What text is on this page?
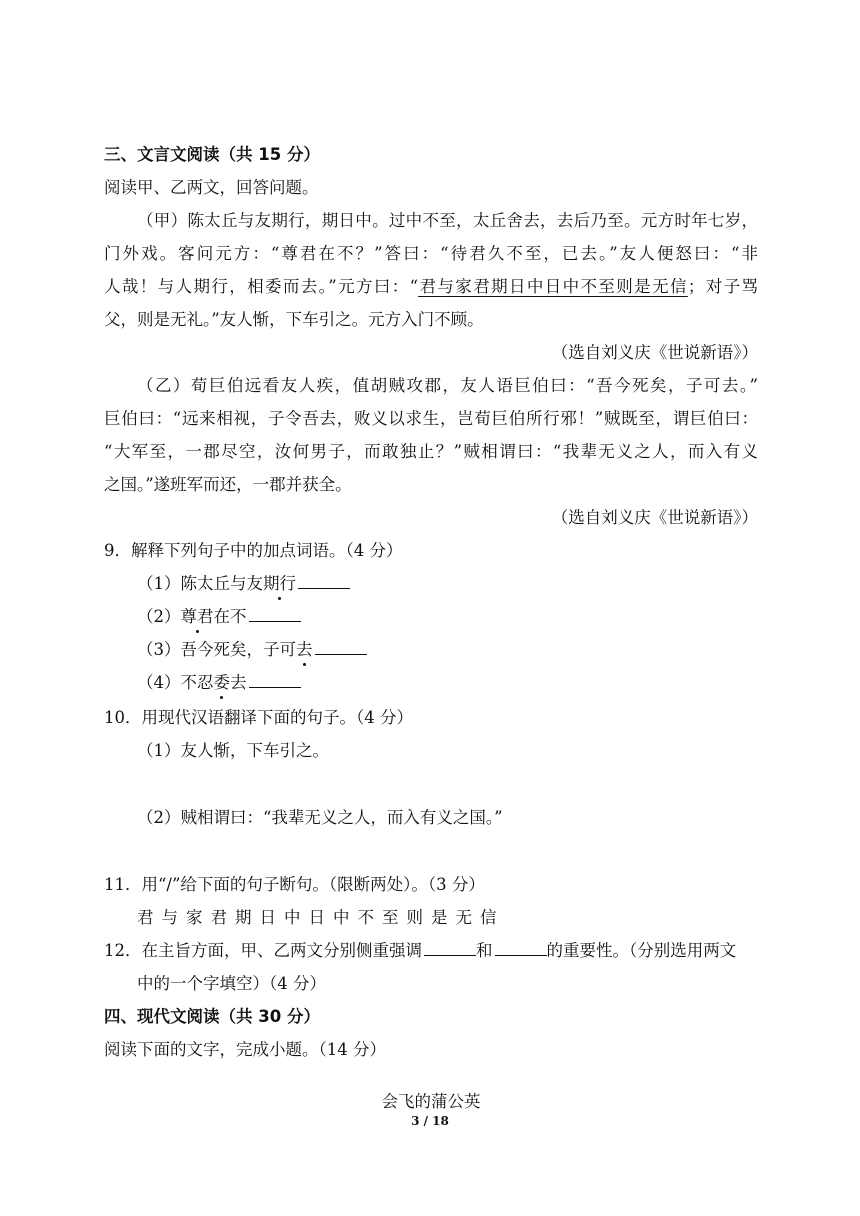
三、文言文阅读（共 15 分）
阅读甲、乙两文，回答问题。
（甲）陈太丘与友期行，期日中。过中不至，太丘舍去，去后乃至。元方时年七岁，
门外戏。客问元方：“尊君在不？”答曰：“待君久不至，已去。”友人便怒曰：“非
人哉！与人期行，相委而去。”元方曰：“君与家君期日中日中不至则是无信；对子骂
父，则是无礼。”友人惭，下车引之。元方入门不顾。
（选自刘义庆《世说新语》）
（乙）荀巨伯远看友人疾，值胡贼攻郡，友人语巨伯曰：“吾今死矣，子可去。”
巨伯曰：“远来相视，子令吾去，败义以求生，岂荀巨伯所行邪！”贼既至，谓巨伯曰：
“大军至，一郡尽空，汝何男子，而敢独止？”贼相谓曰：“我辈无义之人，而入有义
之国。”遂班军而还，一郡并获全。
（选自刘义庆《世说新语》）
9．解释下列句子中的加点词语。（4 分）
（1）陈太丘与友期行
（2）尊君在不
（3）吾今死矣，子可去
（4）不忍委去
10．用现代汉语翻译下面的句子。（4 分）
（1）友人惭，下车引之。
（2）贼相谓曰：“我辈无义之人，而入有义之国。”
11．用“/”给下面的句子断句。（限断两处）。（3 分）
君 与 家 君 期 日 中 日 中 不 至 则 是 无 信
12．在主旨方面，甲、乙两文分别侧重强调	和	的重要性。（分别选用两文
中的一个字填空）（4 分）
四、现代文阅读（共 30 分）
阅读下面的文字，完成小题。（14 分）
会飞的蒲公英
3 / 18
